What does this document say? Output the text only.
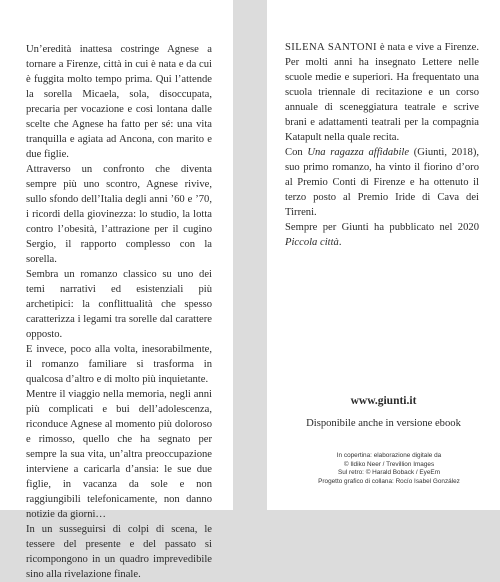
Un’eredità inattesa costringe Agnese a tornare a Firenze, città in cui è nata e da cui è fuggita molto tempo prima. Qui l’attende la sorella Micaela, sola, disoccupata, precaria per vocazione e così lontana dalle scelte che Agnese ha fatto per sé: una vita tranquilla e agiata ad Ancona, con marito e due figlie.

Attraverso un confronto che diventa sempre più uno scontro, Agnese rivive, sullo sfondo dell’Italia degli anni ’60 e ’70, i ricordi della giovinezza: lo studio, la lotta contro l’obesità, l’attrazione per il cugino Sergio, il rapporto complesso con la sorella.

Sembra un romanzo classico su uno dei temi narrativi ed esistenziali più archetipici: la conflittualità che spesso caratterizza i legami tra sorelle dal carattere opposto.

E invece, poco alla volta, inesorabilmente, il romanzo familiare si trasforma in qualcosa d’altro e di molto più inquietante.

Mentre il viaggio nella memoria, negli anni più complicati e bui dell’adolescenza, riconduce Agnese al momento più doloroso e rimosso, quello che ha segnato per sempre la sua vita, un’altra preoccupazione interviene a caricarla d’ansia: le sue due figlie, in vacanza da sole e non raggiungibili telefonicamente, non danno notizie da giorni…

In un susseguirsi di colpi di scena, le tessere del presente e del passato si ricompongono in un quadro imprevedibile sino alla rivelazione finale.

SILENA SANTONI è nata e vive a Firenze. Per molti anni ha insegnato Lettere nelle scuole medie e superiori. Ha frequentato una scuola triennale di recitazione e un corso annuale di sceneggiatura teatrale e scrive brani e adattamenti teatrali per la compagnia Katapult nella quale recita.

Con Una ragazza affidabile (Giunti, 2018), suo primo romanzo, ha vinto il fiorino d’oro al Premio Conti di Firenze e ha ottenuto il terzo posto al Premio Iride di Cava dei Tirreni.

Sempre per Giunti ha pubblicato nel 2020 Piccola città.

www.giunti.it
Disponibile anche in versione ebook
In copertina: elaborazione digitale da
© Ildiko Neer / Trevillion Images
Sul retro: © Harald Boback / EyeEm
Progetto grafico di collana: Rocío Isabel González
